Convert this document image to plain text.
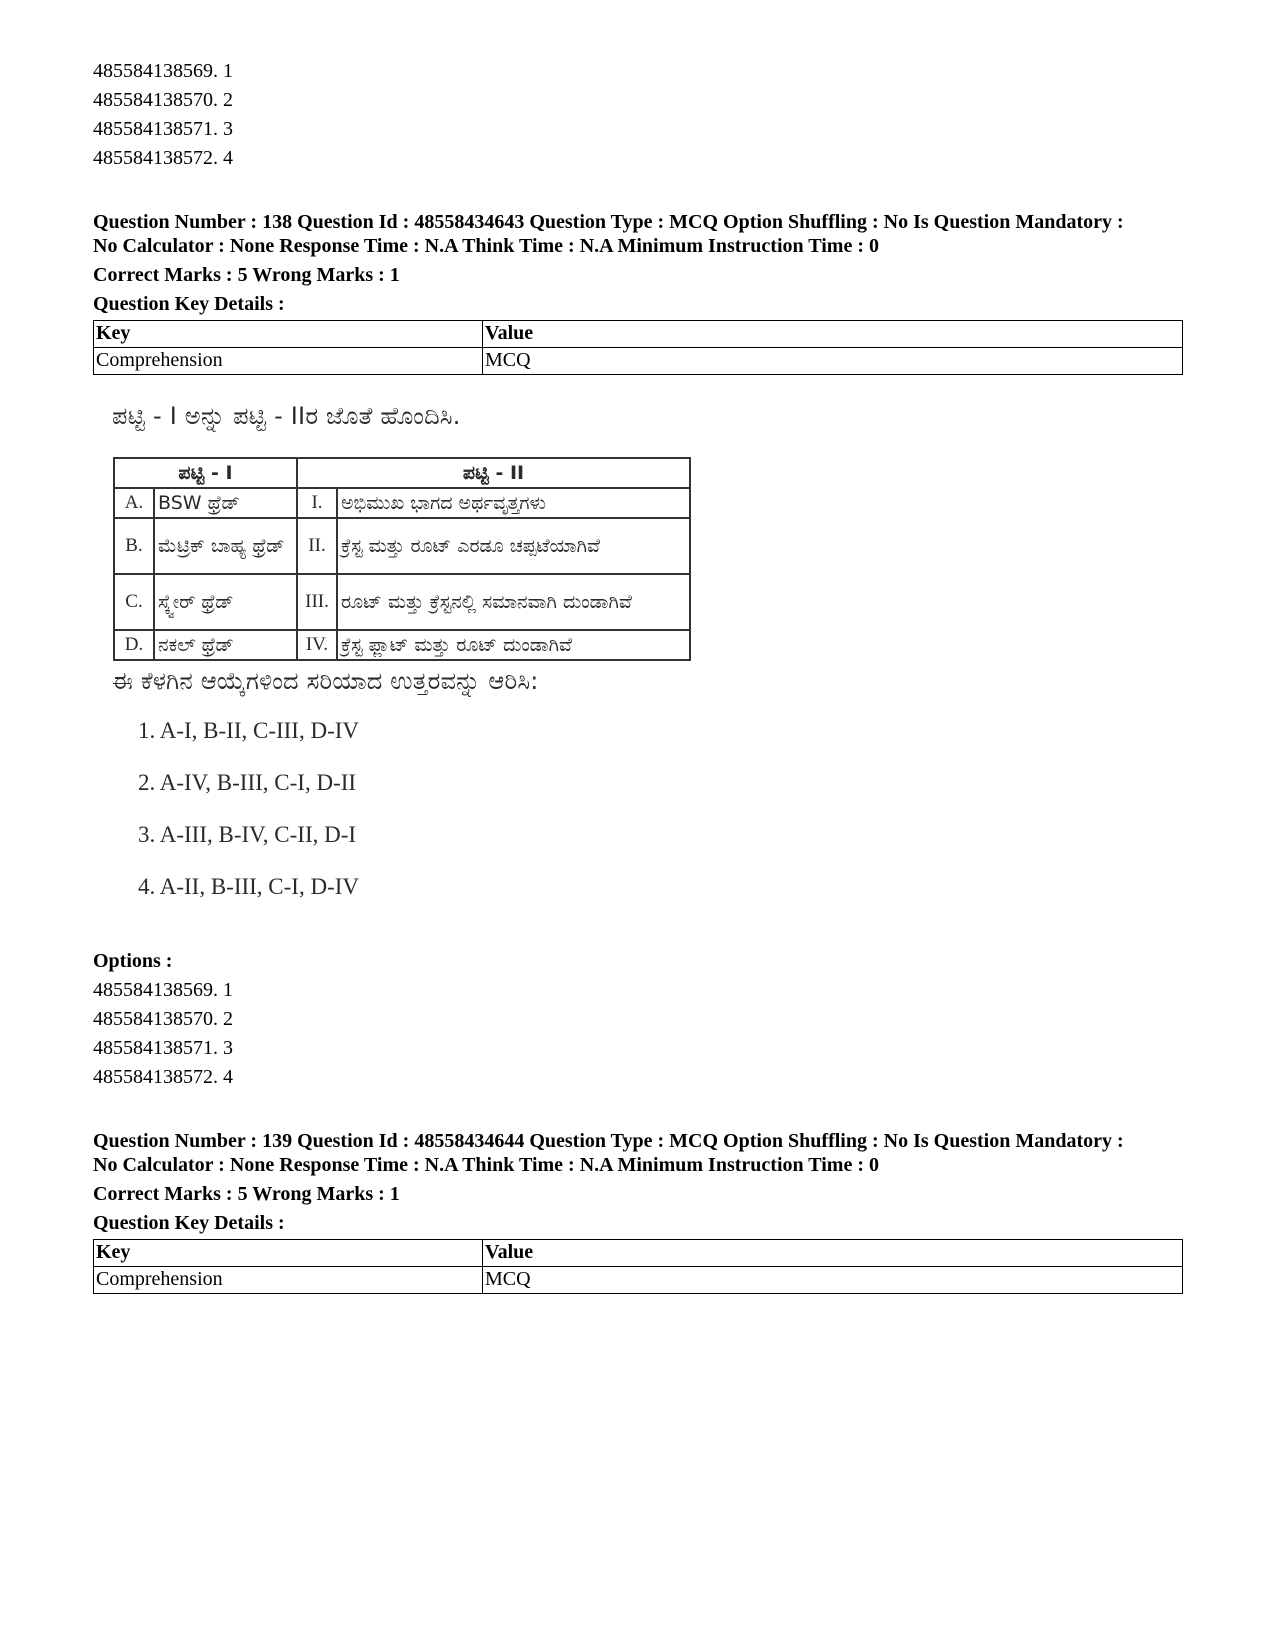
485584138569. 1
485584138570. 2
485584138571. 3
485584138572. 4
Question Number : 138 Question Id : 48558434643 Question Type : MCQ Option Shuffling : No Is Question Mandatory :
No Calculator : None Response Time : N.A Think Time : N.A Minimum Instruction Time : 0
Correct Marks : 5 Wrong Marks : 1
Question Key Details :
Key	Value
Comprehension	MCQ
ಪಟ್ಟಿ - I ಅನ್ನು ಪಟ್ಟಿ - IIರ ಜೊತೆ ಹೊಂದಿಸಿ.
ಪಟ್ಟಿ - I		ಪಟ್ಟಿ - II	
A.	BSW ಥ್ರೆಡ್	I.	ಅಭಿಮುಖ ಭಾಗದ ಅರ್ಥವೃತ್ತಗಳು
B.	ಮೆಟ್ರಿಕ್ ಬಾಹ್ಯ ಥ್ರೆಡ್	II.	ಕ್ರೆಸ್ಟ ಮತ್ತು ರೂಟ್ ಎರಡೂ ಚಪ್ಪಟೆಯಾಗಿವೆ
C.	ಸ್ಕ್ವೇರ್ ಥ್ರೆಡ್	III.	ರೂಟ್ ಮತ್ತು ಕ್ರೆಸ್ಟನಲ್ಲಿ ಸಮಾನವಾಗಿ ದುಂಡಾಗಿವೆ
D.	ನಕಲ್ ಥ್ರೆಡ್	IV.	ಕ್ರೆಸ್ಟ ಫ್ಲಾಟ್ ಮತ್ತು ರೂಟ್ ದುಂಡಾಗಿವೆ
ಈ ಕೆಳಗಿನ ಆಯ್ಕೆಗಳಿಂದ ಸರಿಯಾದ ಉತ್ತರವನ್ನು ಆರಿಸಿ:
1. A-I, B-II, C-III, D-IV
2. A-IV, B-III, C-I, D-II
3. A-III, B-IV, C-II, D-I
4. A-II, B-III, C-I, D-IV
Options :
485584138569. 1
485584138570. 2
485584138571. 3
485584138572. 4
Question Number : 139 Question Id : 48558434644 Question Type : MCQ Option Shuffling : No Is Question Mandatory :
No Calculator : None Response Time : N.A Think Time : N.A Minimum Instruction Time : 0
Correct Marks : 5 Wrong Marks : 1
Question Key Details :
Key	Value
Comprehension	MCQ
